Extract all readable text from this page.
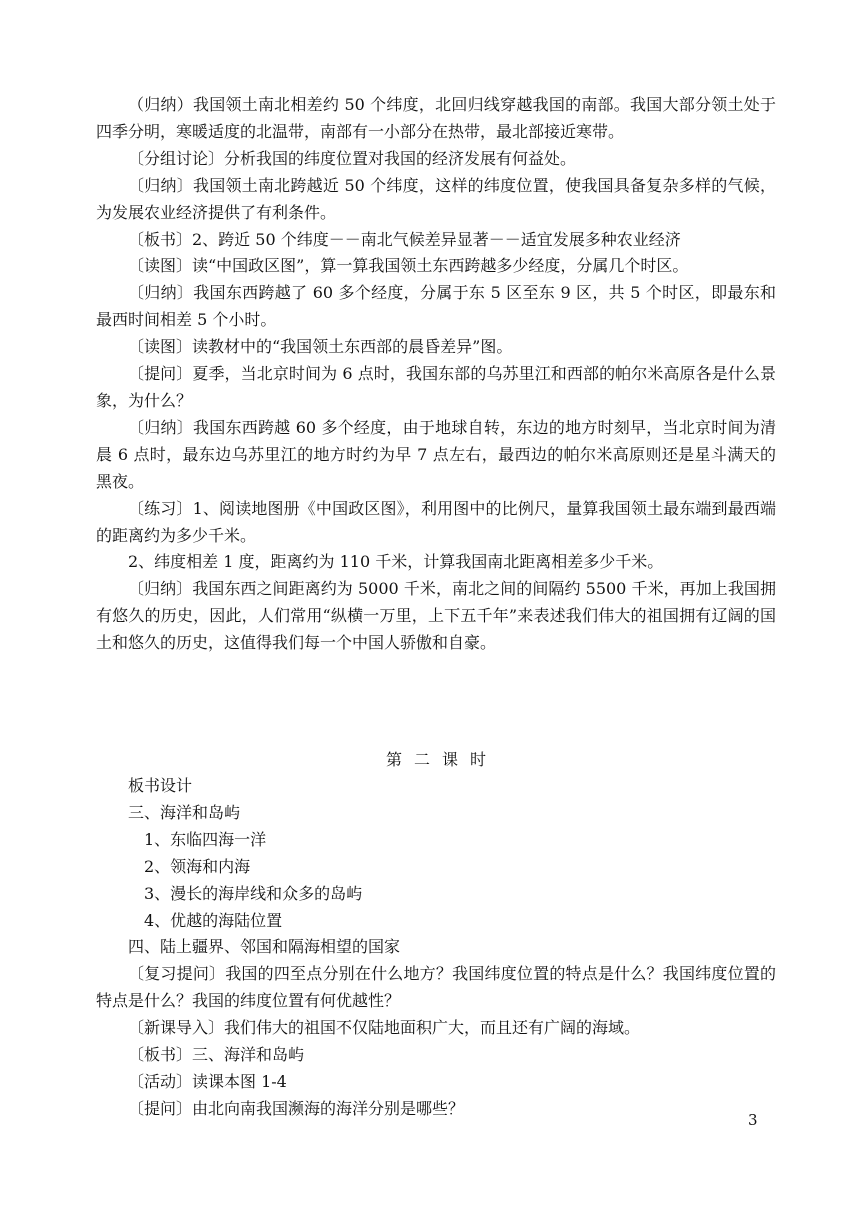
（归纳）我国领土南北相差约 50 个纬度，北回归线穿越我国的南部。我国大部分领土处于四季分明，寒暖适度的北温带，南部有一小部分在热带，最北部接近寒带。

〔分组讨论〕分析我国的纬度位置对我国的经济发展有何益处。

〔归纳〕我国领土南北跨越近 50 个纬度，这样的纬度位置，使我国具备复杂多样的气候，为发展农业经济提供了有利条件。

〔板书〕2、跨近 50 个纬度－－南北气候差异显著－－适宜发展多种农业经济

〔读图〕读“中国政区图”，算一算我国领土东西跨越多少经度，分属几个时区。

〔归纳〕我国东西跨越了 60 多个经度，分属于东 5 区至东 9 区，共 5 个时区，即最东和最西时间相差 5 个小时。

〔读图〕读教材中的“我国领土东西部的晨昏差异”图。

〔提问〕夏季，当北京时间为 6 点时，我国东部的乌苏里江和西部的帕尔米高原各是什么景象，为什么？

〔归纳〕我国东西跨越 60 多个经度，由于地球自转，东边的地方时刻早，当北京时间为清晨 6 点时，最东边乌苏里江的地方时约为早 7 点左右，最西边的帕尔米高原则还是星斗满天的黑夜。

〔练习〕1、阅读地图册《中国政区图》，利用图中的比例尺，量算我国领土最东端到最西端的距离约为多少千米。

2、纬度相差 1 度，距离约为 110 千米，计算我国南北距离相差多少千米。

〔归纳〕我国东西之间距离约为 5000 千米，南北之间的间隔约 5500 千米，再加上我国拥有悠久的历史，因此，人们常用“纵横一万里，上下五千年”来表述我们伟大的祖国拥有辽阔的国土和悠久的历史，这值得我们每一个中国人骄傲和自豪。

第二课时

板书设计

三、海洋和岛屿

1、东临四海一洋

2、领海和内海

3、漫长的海岸线和众多的岛屿

4、优越的海陆位置

四、陆上疆界、邻国和隔海相望的国家

〔复习提问〕我国的四至点分别在什么地方？我国纬度位置的特点是什么？我国纬度位置的特点是什么？我国的纬度位置有何优越性？

〔新课导入〕我们伟大的祖国不仅陆地面积广大，而且还有广阔的海域。

〔板书〕三、海洋和岛屿

〔活动〕读课本图 1-4

〔提问〕由北向南我国濒海的海洋分别是哪些？

3
